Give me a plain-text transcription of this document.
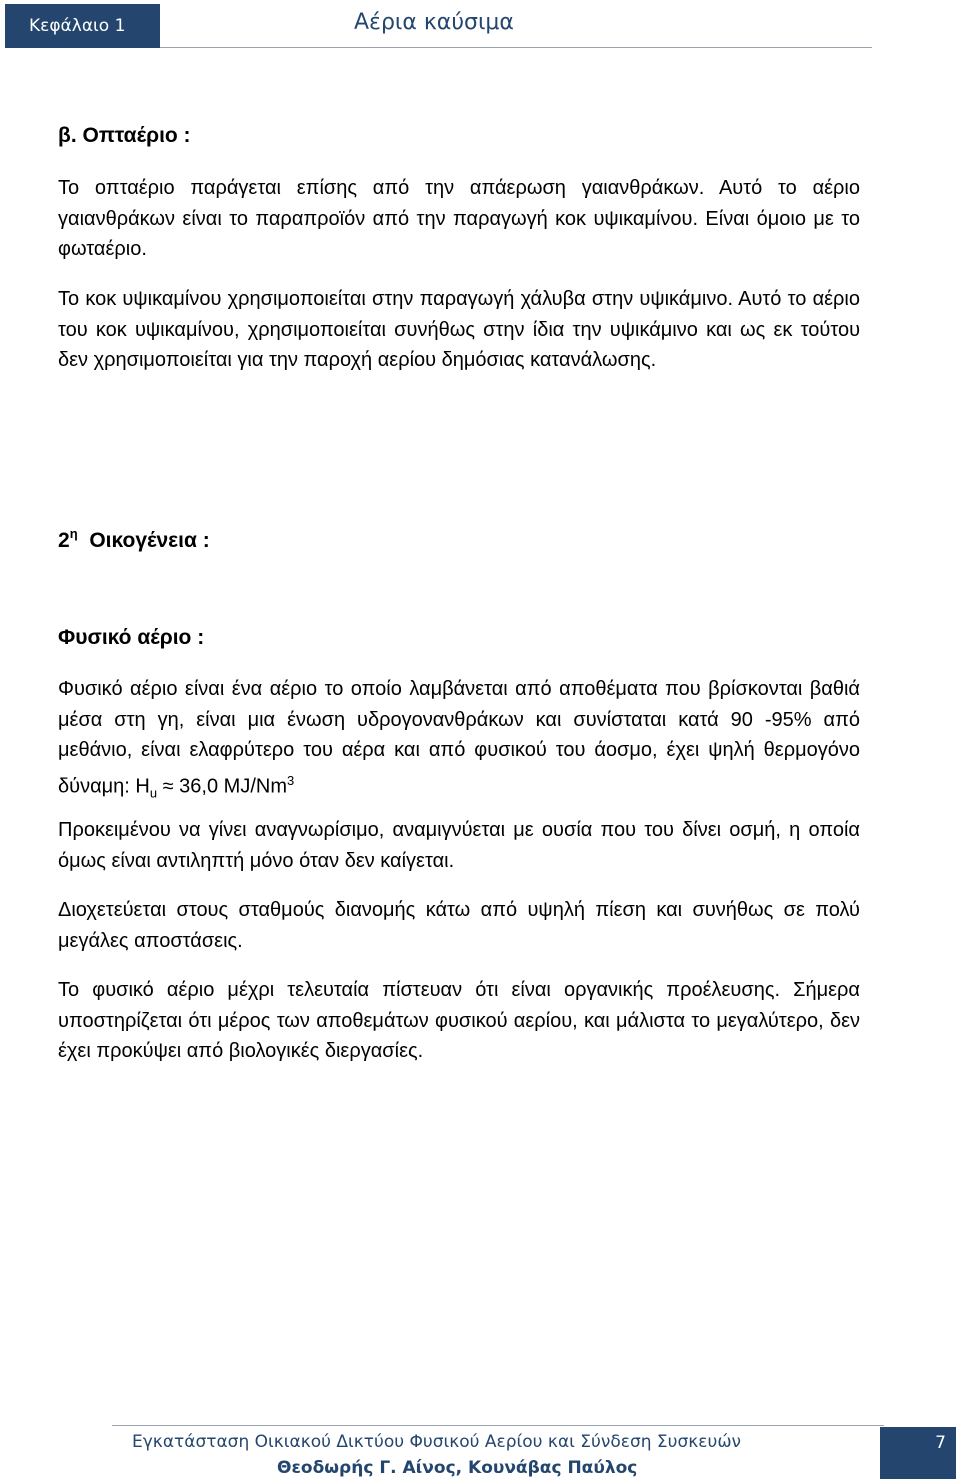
Κεφάλαιο 1	Αέρια καύσιμα
β. Οπταέριο :

Το οπταέριο παράγεται επίσης από την απάερωση γαιανθράκων. Αυτό το αέριο γαιανθράκων είναι το παραπροϊόν από την παραγωγή κοκ υψικαμίνου. Είναι όμοιο με το φωταέριο.

Το κοκ υψικαμίνου χρησιμοποιείται στην παραγωγή χάλυβα στην υψικάμινο. Αυτό το αέριο του κοκ υψικαμίνου, χρησιμοποιείται συνήθως στην ίδια την υψικάμινο και ως εκ τούτου δεν χρησιμοποιείται για την παροχή αερίου δημόσιας κατανάλωσης.

$2^\eta$ Οικογένεια :
Φυσικό αέριο :

Φυσικό αέριο είναι ένα αέριο το οποίο λαμβάνεται από αποθέματα που βρίσκονται βαθιά μέσα στη γη, είναι μια ένωση υδρογονανθράκων και συνίσταται κατά 90 -95% από μεθάνιο, είναι ελαφρύτερο του αέρα και από φυσικού του άοσμο, έχει ψηλή θερμογόνο δύναμη: $H_u \approx 36,0$ MJ/Nm$^3$

Προκειμένου να γίνει αναγνωρίσιμο, αναμιγνύεται με ουσία που του δίνει οσμή, η οποία όμως είναι αντιληπτή μόνο όταν δεν καίγεται.

Διοχετεύεται στους σταθμούς διανομής κάτω από υψηλή πίεση και συνήθως σε πολύ μεγάλες αποστάσεις.

Το φυσικό αέριο μέχρι τελευταία πίστευαν ότι είναι οργανικής προέλευσης. Σήμερα υποστηρίζεται ότι μέρος των αποθεμάτων φυσικού αερίου, και μάλιστα το μεγαλύτερο, δεν έχει προκύψει από βιολογικές διεργασίες.

Εγκατάσταση Οικιακού Δικτύου Φυσικού Αερίου και Σύνδεση Συσκευών
Θεοδωρής Γ. Αίνος, Κουνάβας Παύλος
7
